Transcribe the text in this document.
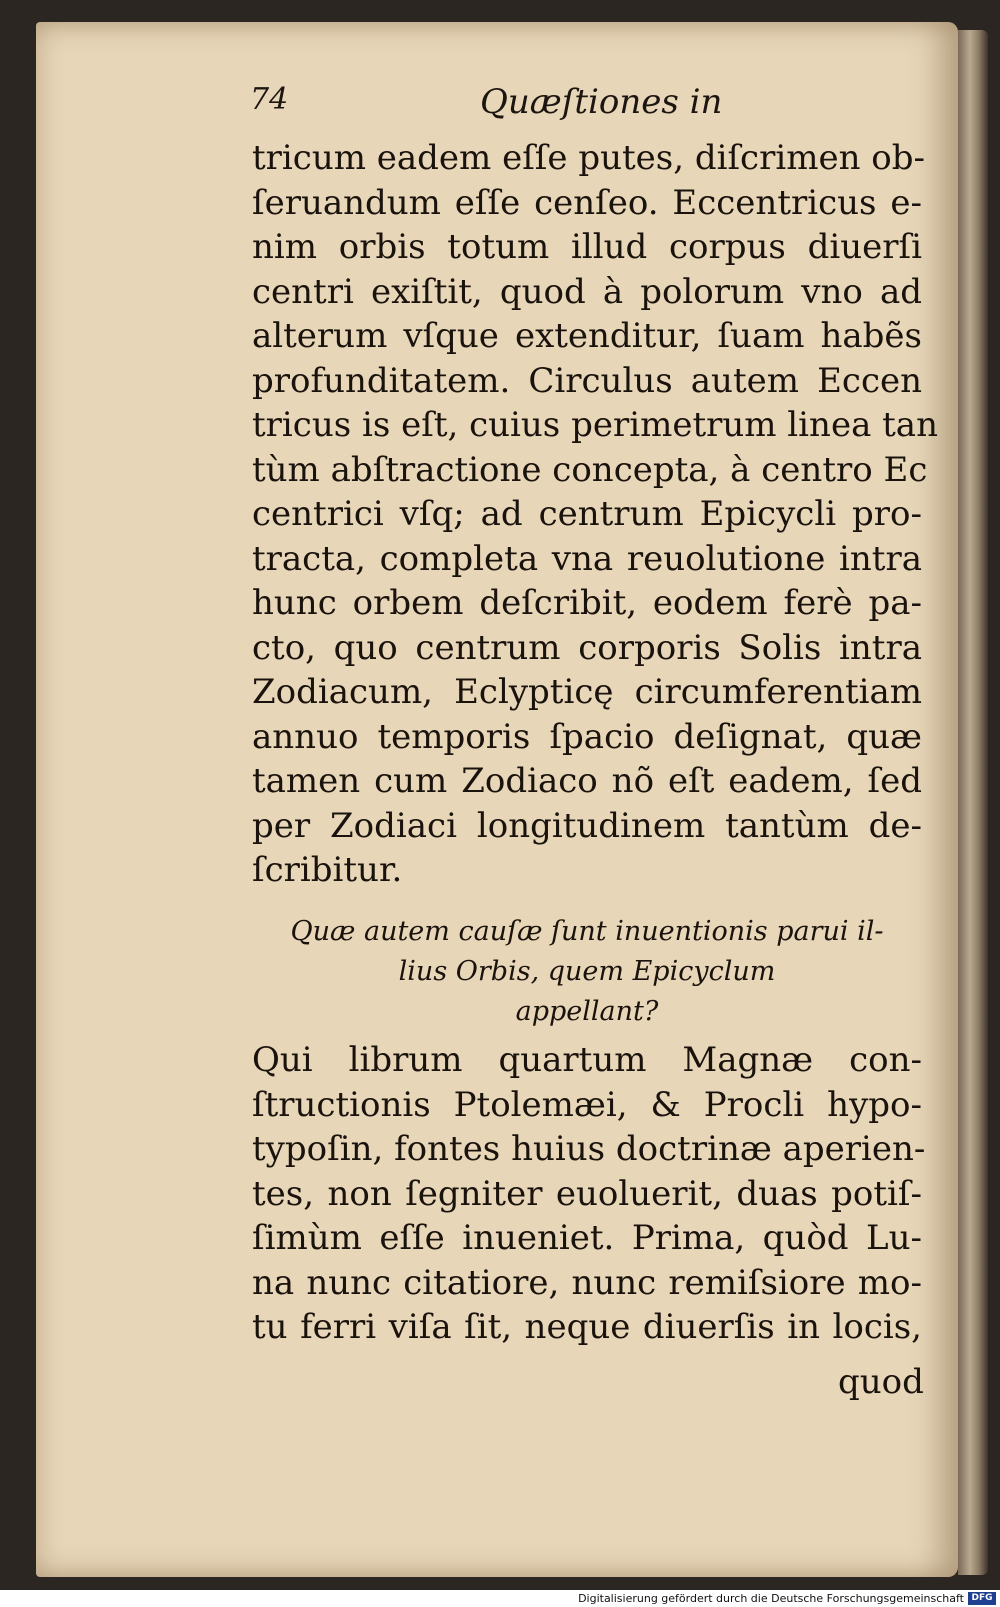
74	Quæſtiones in
tricum eadem eſſe putes, diſcrimen ob-
ſeruandum eſſe cenſeo. Eccentricus e-
nim orbis totum illud corpus diuerſi
centri exiſtit, quod à polorum vno ad
alterum vſque extenditur, ſuam habẽs
profunditatem. Circulus autem Eccen
tricus is eſt, cuius perimetrum linea tan
tùm abſtractione concepta, à centro Ec
centrici vſq; ad centrum Epicycli pro-
tracta, completa vna reuolutione intra
hunc orbem deſcribit, eodem ferè pa-
cto, quo centrum corporis Solis intra
Zodiacum, Eclypticę circumferentiam
annuo temporis ſpacio deſignat, quæ
tamen cum Zodiaco nõ eſt eadem, ſed
per Zodiaci longitudinem tantùm de-
ſcribitur.
Quæ autem cauſæ ſunt inuentionis parui il-
lius Orbis, quem Epicyclum
appellant?
Qui librum quartum Magnæ con-
ſtructionis Ptolemæi, & Procli hypo-
typoſin, fontes huius doctrinæ aperien-
tes, non ſegniter euoluerit, duas potiſ-
ſimùm eſſe inueniet. Prima, quòd Lu-
na nunc citatiore, nunc remiſsiore mo-
tu ferri viſa ſit, neque diuerſis in locis,
quod
Digitalisierung gefördert durch die Deutsche Forschungsgemeinschaft DFG
